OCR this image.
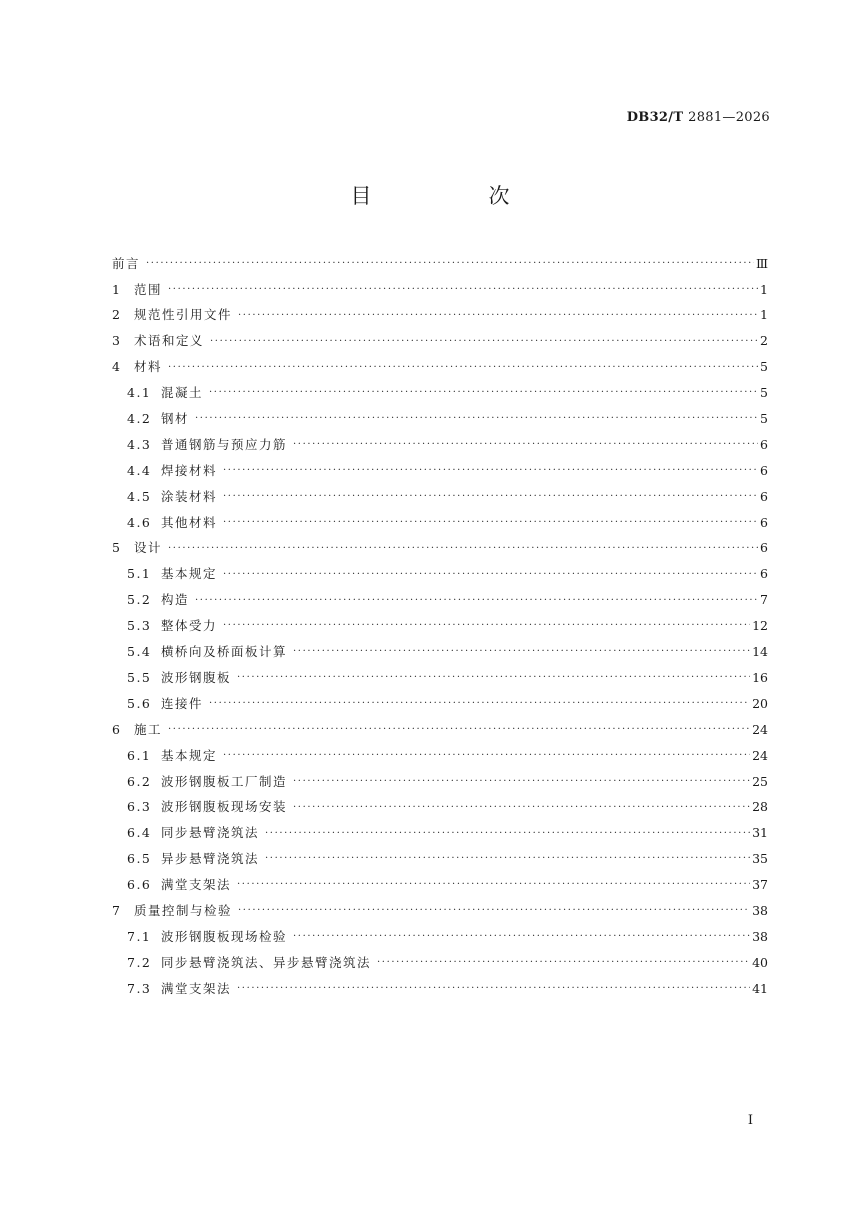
DB32/T 2881—2026
目　次
前言 ·····	Ⅲ
1 范围 ·····	1
2 规范性引用文件 ·····	1
3 术语和定义 ·····	2
4 材料 ·····	5
4.1 混凝土 ·····	5
4.2 钢材 ·····	5
4.3 普通钢筋与预应力筋 ·····	6
4.4 焊接材料 ·····	6
4.5 涂装材料 ·····	6
4.6 其他材料 ·····	6
5 设计 ·····	6
5.1 基本规定 ·····	6
5.2 构造 ·····	7
5.3 整体受力 ·····	12
5.4 横桥向及桥面板计算 ·····	14
5.5 波形钢腹板 ·····	16
5.6 连接件 ·····	20
6 施工 ·····	24
6.1 基本规定 ·····	24
6.2 波形钢腹板工厂制造 ·····	25
6.3 波形钢腹板现场安装 ·····	28
6.4 同步悬臂浇筑法 ·····	31
6.5 异步悬臂浇筑法 ·····	35
6.6 满堂支架法 ·····	37
7 质量控制与检验 ·····	38
7.1 波形钢腹板现场检验 ·····	38
7.2 同步悬臂浇筑法、异步悬臂浇筑法 ·····	40
7.3 满堂支架法 ·····	41
I
